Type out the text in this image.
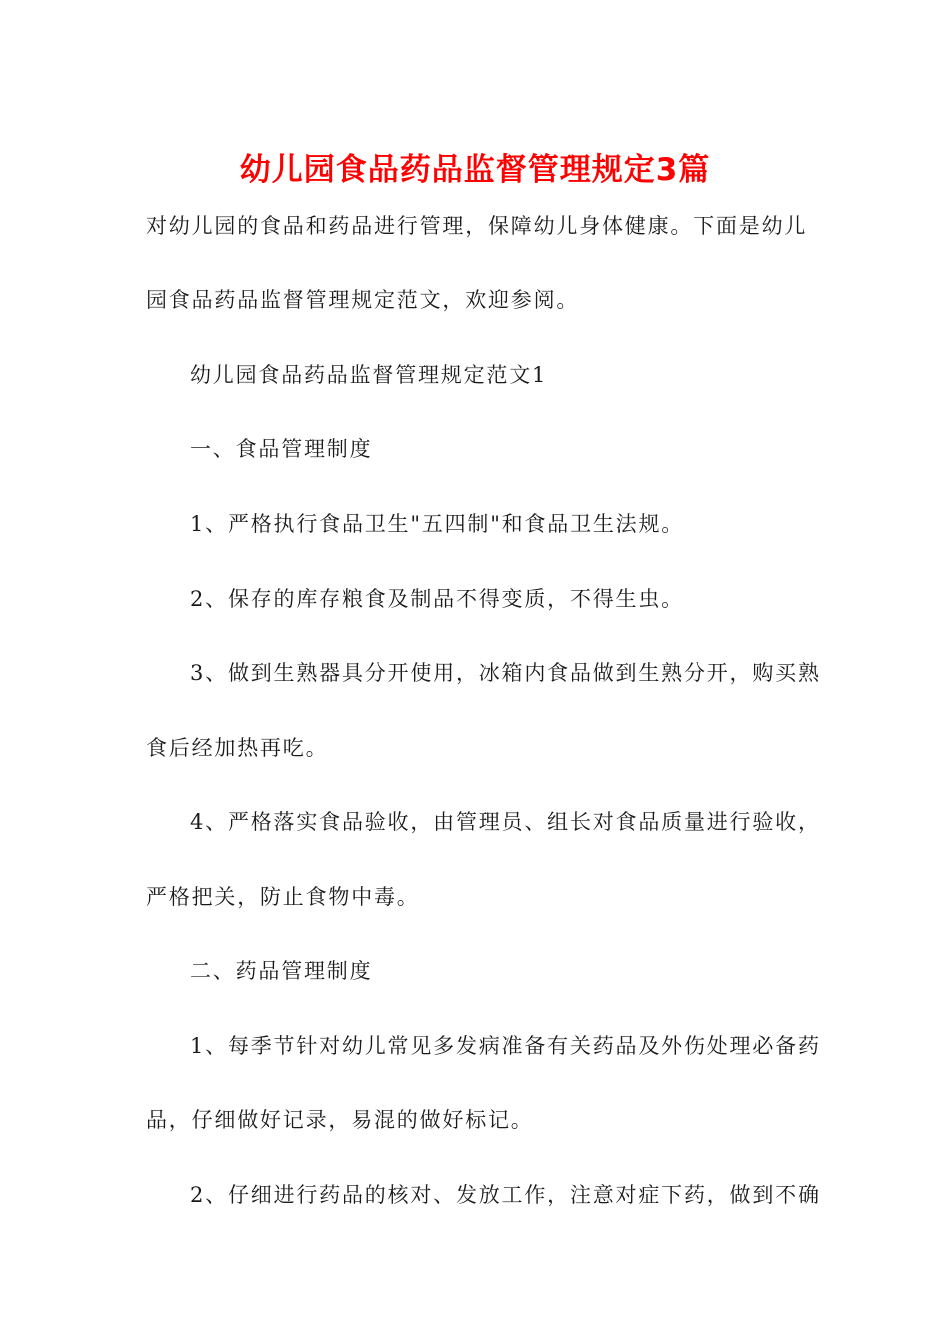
幼儿园食品药品监督管理规定3篇
对幼儿园的食品和药品进行管理，保障幼儿身体健康。下面是幼儿
园食品药品监督管理规定范文，欢迎参阅。
幼儿园食品药品监督管理规定范文1
一、食品管理制度
1、严格执行食品卫生"五四制"和食品卫生法规。
2、保存的库存粮食及制品不得变质，不得生虫。
3、做到生熟器具分开使用，冰箱内食品做到生熟分开，购买熟
食后经加热再吃。
4、严格落实食品验收，由管理员、组长对食品质量进行验收，
严格把关，防止食物中毒。
二、药品管理制度
1、每季节针对幼儿常见多发病准备有关药品及外伤处理必备药
品，仔细做好记录，易混的做好标记。
2、仔细进行药品的核对、发放工作，注意对症下药，做到不确
